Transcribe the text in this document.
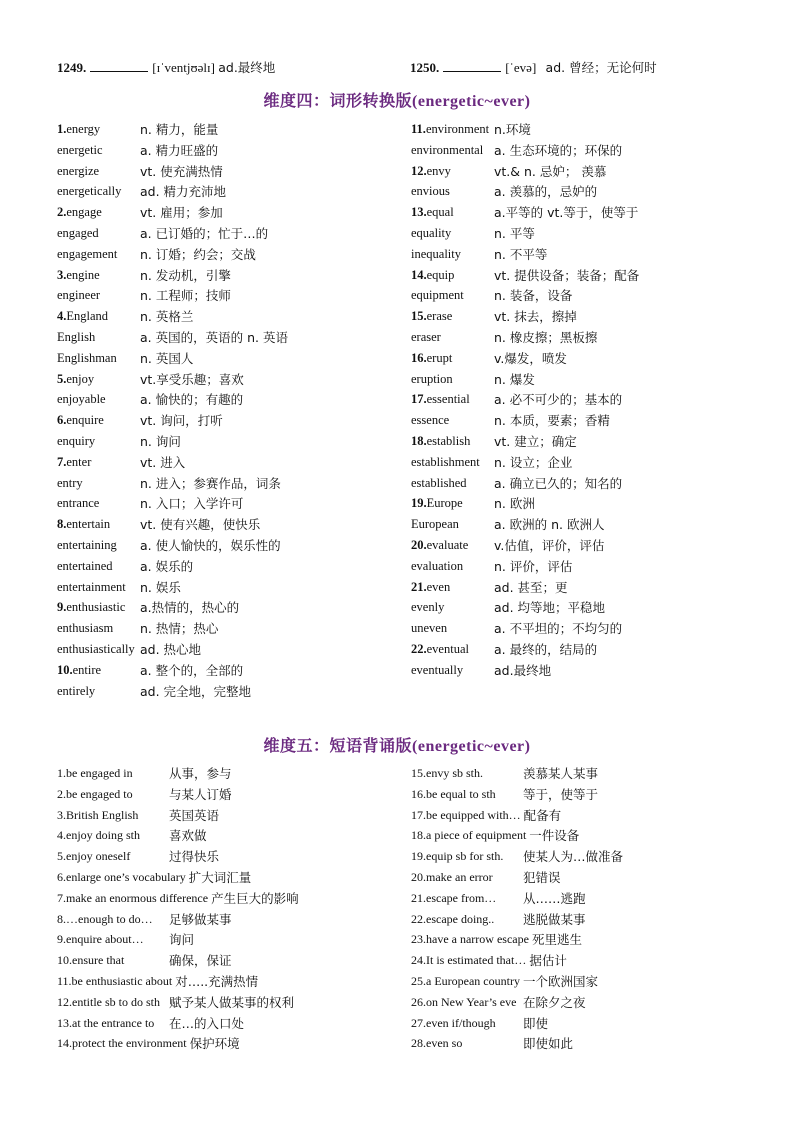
1249.	[ɪˈventjʊəlɪ] ad.最终地	1250.	[ˈevə] ad. 曾经；无论何时
维度四：词形转换版(energetic~ever)
1.energy	n. 精力，能量
energetic	a. 精力旺盛的
energize	vt. 使充满热情
energetically ad. 精力充沛地
2.engage	vt. 雇用；参加
engaged	a. 已订婚的；忙于…的
engagement n. 订婚；约会；交战
3.engine	n. 发动机，引擎
engineer	n. 工程师；技师
4.England	n. 英格兰
English	a. 英国的，英语的 n. 英语
Englishman n. 英国人
5.enjoy	vt.享受乐趣；喜欢
enjoyable	a. 愉快的；有趣的
6.enquire	vt. 询问，打听
enquiry	n. 询问
7.enter	vt. 进入
entry	n. 进入；参赛作品，词条
entrance	n. 入口；入学许可
8.entertain vt. 使有兴趣，使快乐
entertaining a. 使人愉快的，娱乐性的
entertained a. 娱乐的
entertainment n. 娱乐
9.enthusiastic a.热情的，热心的
enthusiasm n. 热情；热心
enthusiastically ad. 热心地
10.entire	a. 整个的，全部的
entirely	ad. 完全地，完整地
11.environment n.环境
environmental a. 生态环境的；环保的
12.envy	vt.& n. 忌妒； 羡慕
envious	a. 羡慕的，忌妒的
13.equal	a.平等的 vt.等于，使等于
equality	n. 平等
inequality	n. 不平等
14.equip	vt. 提供设备；装备；配备
equipment n. 装备，设备
15.erase	vt. 抹去，擦掉
eraser	n. 橡皮擦；黑板擦
16.erupt	v.爆发，喷发
eruption	n. 爆发
17.essential a. 必不可少的；基本的
essence	n. 本质，要素；香精
18.establish vt. 建立；确定
establishment n. 设立；企业
established a. 确立已久的；知名的
19.Europe	n. 欧洲
European	a. 欧洲的 n. 欧洲人
20.evaluate v.估值，评价，评估
evaluation n. 评价，评估
21.even	ad. 甚至；更
evenly	ad. 均等地；平稳地
uneven	a. 不平坦的；不均匀的
22.eventual a. 最终的，结局的
eventually ad.最终地
维度五：短语背诵版(energetic~ever)
1.be engaged in	从事，参与
2.be engaged to	与某人订婚
3.British English 英国英语
4.enjoy doing sth 喜欢做
5.enjoy oneself	过得快乐
6.enlarge one’s vocabulary 扩大词汇量
7.make an enormous difference 产生巨大的影响
8.…enough to do… 足够做某事
9.enquire about… 询问
10.ensure that	确保，保证
11.be enthusiastic about 对…..充满热情
12.entitle sb to do sth 赋予某人做某事的权利
13.at the entrance to 在…的入口处
14.protect the environment 保护环境
15.envy sb sth.	羡慕某人某事
16.be equal to sth 等于，使等于
17.be equipped with… 配备有
18.a piece of equipment 一件设备
19.equip sb for sth. 使某人为…做准备
20.make an error 犯错误
21.escape from… 从……逃跑
22.escape doing.. 逃脱做某事
23.have a narrow escape 死里逃生
24.It is estimated that… 据估计
25.a European country 一个欧洲国家
26.on New Year’s eve 在除夕之夜
27.even if/though 即使
28.even so	即使如此
